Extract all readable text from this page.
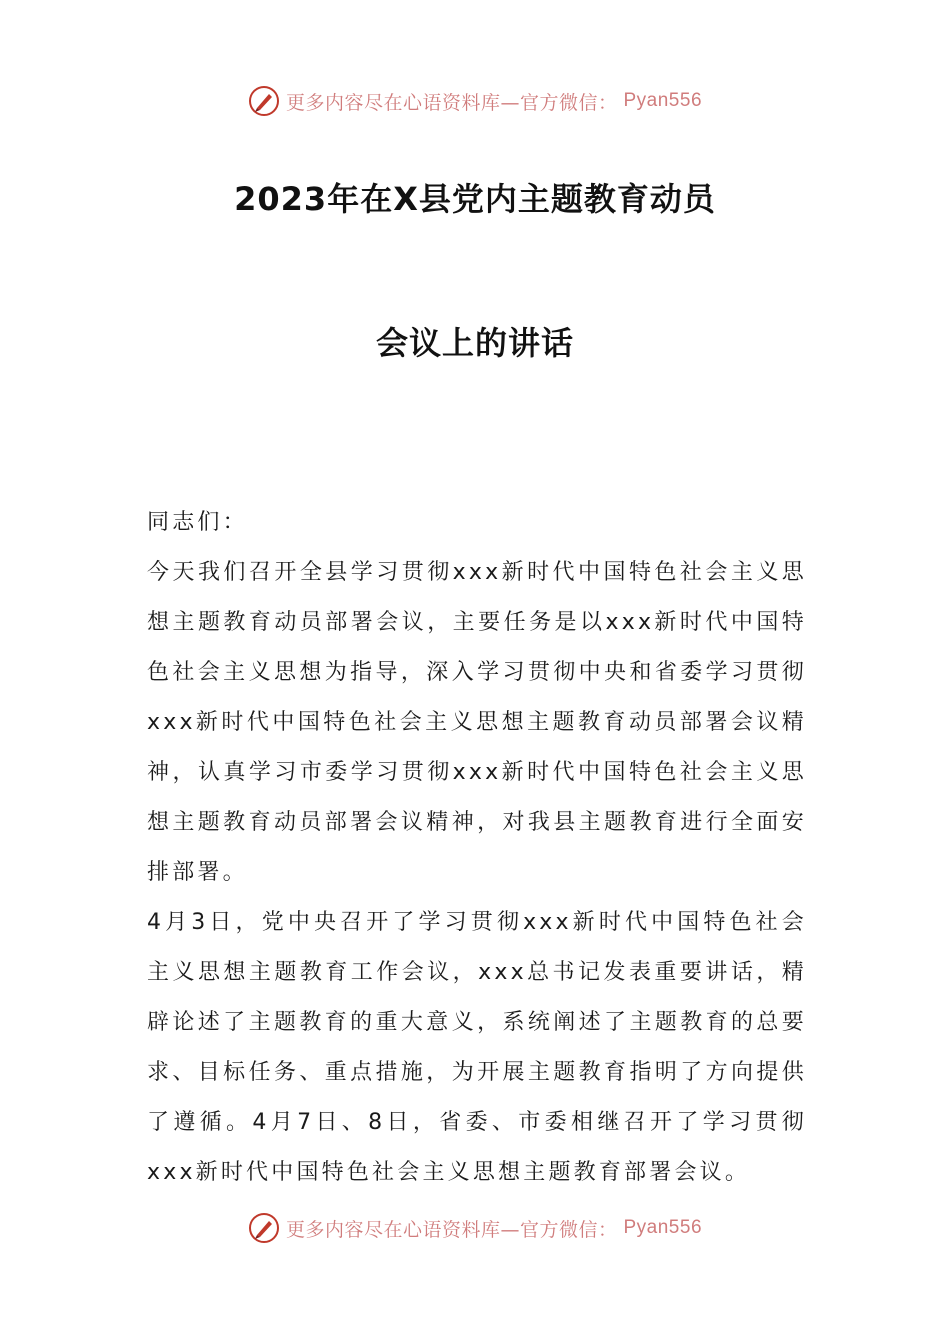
更多内容尽在心语资料库—官方微信： Pyan556
2023年在X县党内主题教育动员
会议上的讲话

同志们：

今天我们召开全县学习贯彻xxx新时代中国特色社会主义思想主题教育动员部署会议，主要任务是以xxx新时代中国特色社会主义思想为指导，深入学习贯彻中央和省委学习贯彻xxx新时代中国特色社会主义思想主题教育动员部署会议精神，认真学习市委学习贯彻xxx新时代中国特色社会主义思想主题教育动员部署会议精神，对我县主题教育进行全面安排部署。

4月3日，党中央召开了学习贯彻xxx新时代中国特色社会主义思想主题教育工作会议，xxx总书记发表重要讲话，精辟论述了主题教育的重大意义，系统阐述了主题教育的总要求、目标任务、重点措施，为开展主题教育指明了方向提供了遵循。4月7日、8日，省委、市委相继召开了学习贯彻xxx新时代中国特色社会主义思想主题教育部署会议。

更多内容尽在心语资料库—官方微信： Pyan556
